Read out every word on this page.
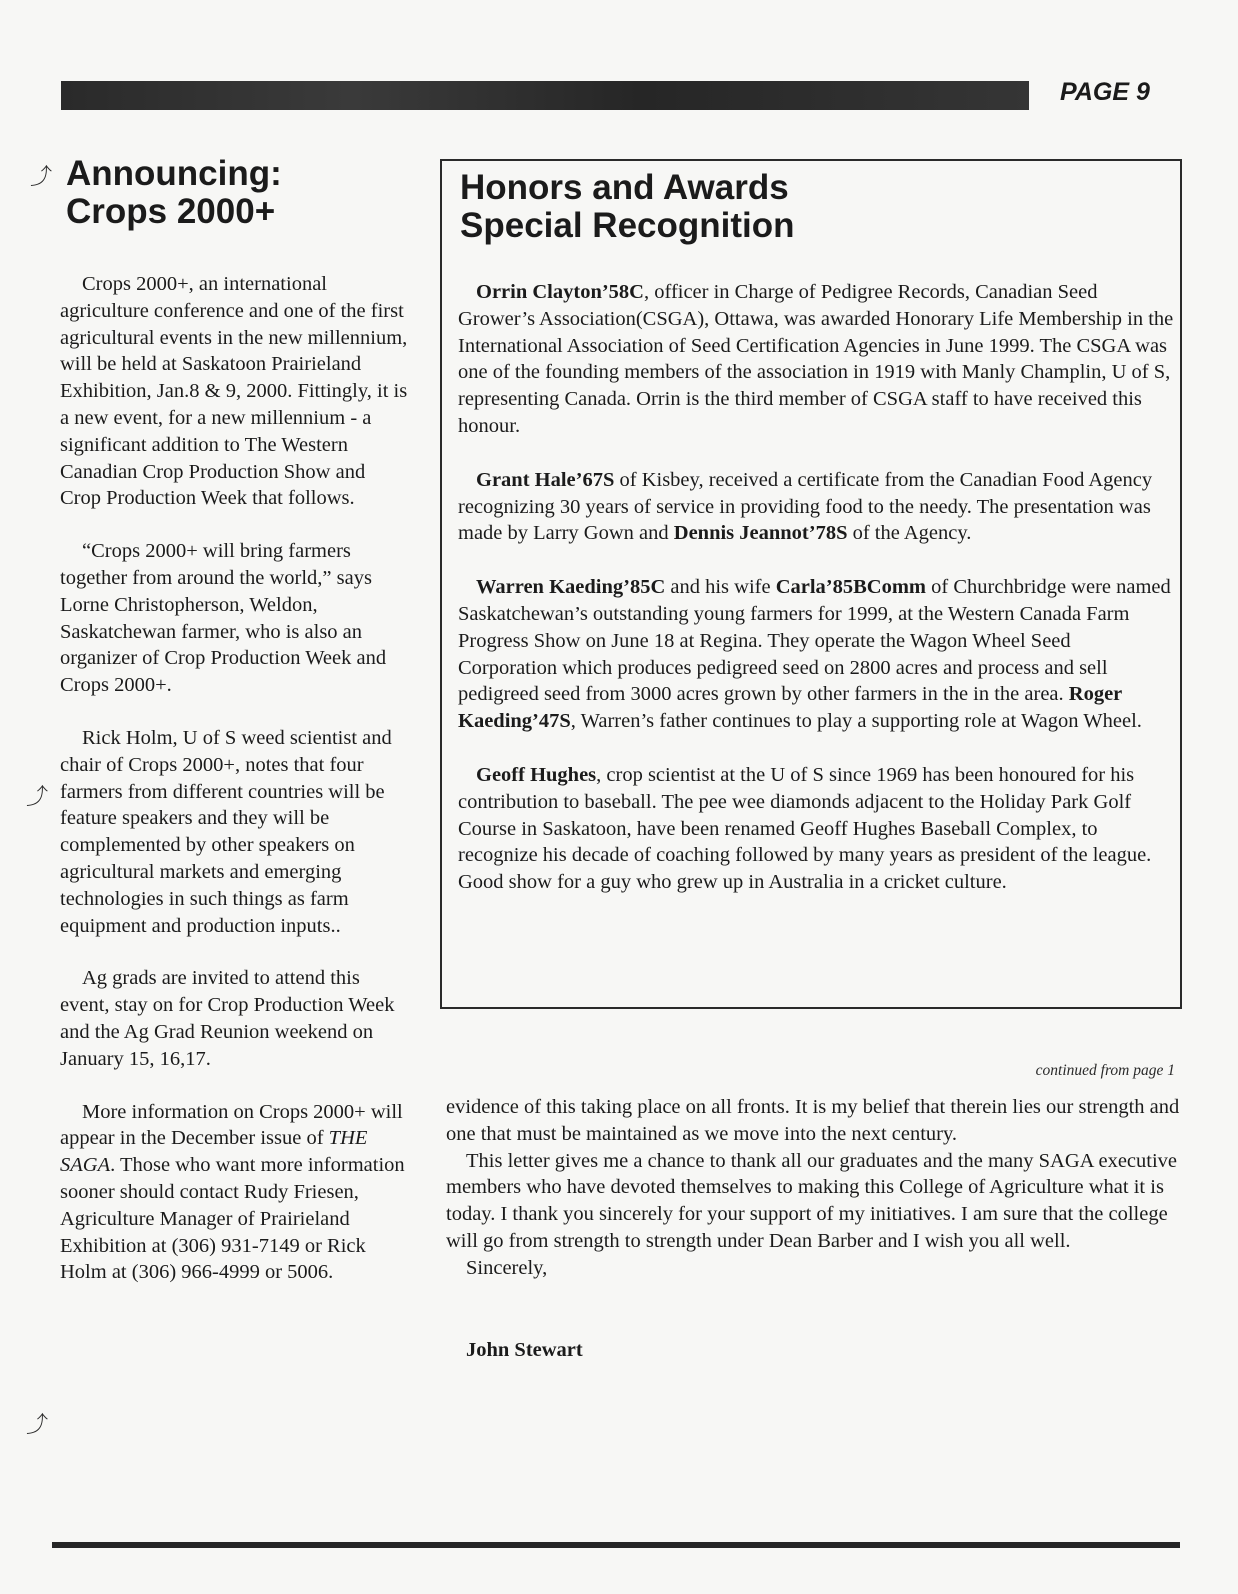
PAGE 9
⤴
⤴
⤴
Announcing:
Crops 2000+

Crops 2000+, an international agriculture conference and one of the first agricultural events in the new millennium, will be held at Saskatoon Prairieland Exhibition, Jan.8 & 9, 2000. Fittingly, it is a new event, for a new millennium - a significant addition to The Western Canadian Crop Production Show and Crop Production Week that follows.

“Crops 2000+ will bring farmers together from around the world,” says Lorne Christopherson, Weldon, Saskatchewan farmer, who is also an organizer of Crop Production Week and Crops 2000+.

Rick Holm, U of S weed scientist and chair of Crops 2000+, notes that four farmers from different countries will be feature speakers and they will be complemented by other speakers on agricultural markets and emerging technologies in such things as farm equipment and production inputs..

Ag grads are invited to attend this event, stay on for Crop Production Week and the Ag Grad Reunion weekend on January 15, 16,17.

More information on Crops 2000+ will appear in the December issue of THE SAGA. Those who want more information sooner should contact Rudy Friesen, Agriculture Manager of Prairieland Exhibition at (306) 931-7149 or Rick Holm at (306) 966-4999 or 5006.

Honors and Awards
Special Recognition

Orrin Clayton’58C, officer in Charge of Pedigree Records, Canadian Seed Grower’s Association(CSGA), Ottawa, was awarded Honorary Life Membership in the International Association of Seed Certification Agencies in June 1999. The CSGA was one of the founding members of the association in 1919 with Manly Champlin, U of S, representing Canada. Orrin is the third member of CSGA staff to have received this honour.

Grant Hale’67S of Kisbey, received a certificate from the Canadian Food Agency recognizing 30 years of service in providing food to the needy. The presentation was made by Larry Gown and Dennis Jeannot’78S of the Agency.

Warren Kaeding’85C and his wife Carla’85BComm of Churchbridge were named Saskatchewan’s outstanding young farmers for 1999, at the Western Canada Farm Progress Show on June 18 at Regina. They operate the Wagon Wheel Seed Corporation which produces pedigreed seed on 2800 acres and process and sell pedigreed seed from 3000 acres grown by other farmers in the in the area. Roger Kaeding’47S, Warren’s father continues to play a supporting role at Wagon Wheel.

Geoff Hughes, crop scientist at the U of S since 1969 has been honoured for his contribution to baseball. The pee wee diamonds adjacent to the Holiday Park Golf Course in Saskatoon, have been renamed Geoff Hughes Baseball Complex, to recognize his decade of coaching followed by many years as president of the league. Good show for a guy who grew up in Australia in a cricket culture.

continued from page 1

evidence of this taking place on all fronts. It is my belief that therein lies our strength and one that must be maintained as we move into the next century.

This letter gives me a chance to thank all our graduates and the many SAGA executive members who have devoted themselves to making this College of Agriculture what it is today. I thank you sincerely for your support of my initiatives. I am sure that the college will go from strength to strength under Dean Barber and I wish you all well.

Sincerely,

John Stewart
